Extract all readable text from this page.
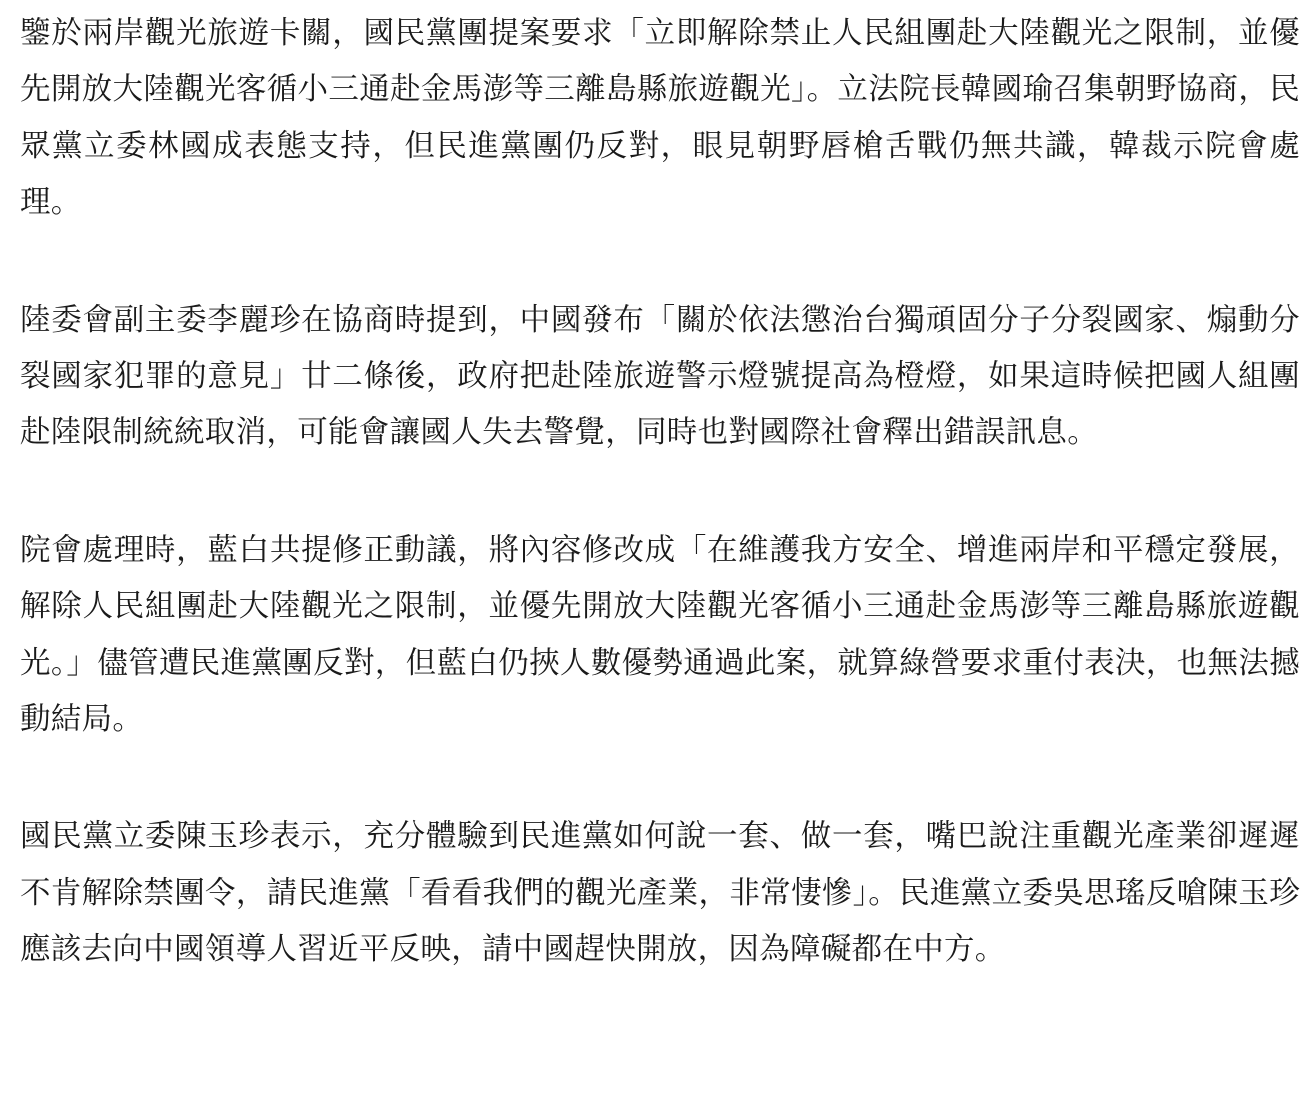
鑒於兩岸觀光旅遊卡關，國民黨團提案要求「立即解除禁止人民組團赴大陸觀光之限制，並優先開放大陸觀光客循小三通赴金馬澎等三離島縣旅遊觀光」。立法院長韓國瑜召集朝野協商，民眾黨立委林國成表態支持，但民進黨團仍反對，眼見朝野唇槍舌戰仍無共識，韓裁示院會處理。

陸委會副主委李麗珍在協商時提到，中國發布「關於依法懲治台獨頑固分子分裂國家、煽動分裂國家犯罪的意見」廿二條後，政府把赴陸旅遊警示燈號提高為橙燈，如果這時候把國人組團赴陸限制統統取消，可能會讓國人失去警覺，同時也對國際社會釋出錯誤訊息。

院會處理時，藍白共提修正動議，將內容修改成「在維護我方安全、增進兩岸和平穩定發展，解除人民組團赴大陸觀光之限制，並優先開放大陸觀光客循小三通赴金馬澎等三離島縣旅遊觀光。」儘管遭民進黨團反對，但藍白仍挾人數優勢通過此案，就算綠營要求重付表決，也無法撼動結局。

國民黨立委陳玉珍表示，充分體驗到民進黨如何說一套、做一套，嘴巴說注重觀光產業卻遲遲不肯解除禁團令，請民進黨「看看我們的觀光產業，非常悽慘」。民進黨立委吳思瑤反嗆陳玉珍應該去向中國領導人習近平反映，請中國趕快開放，因為障礙都在中方。
